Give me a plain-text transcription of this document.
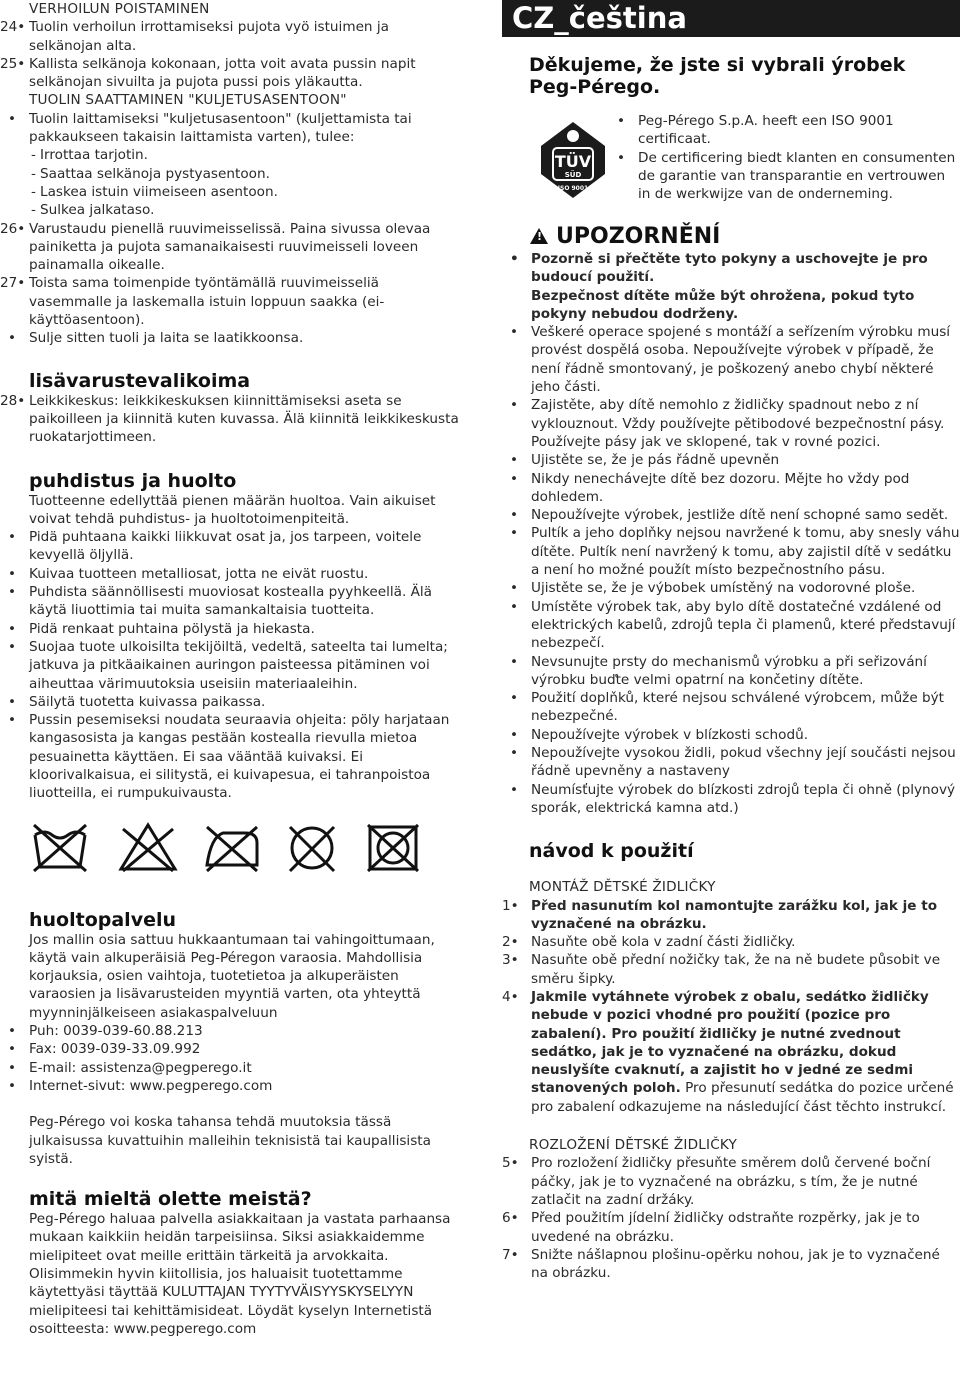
VERHOILUN POISTAMINEN
24• Tuolin verhoilun irrottamiseksi pujota vyö istuimen ja selkänojan alta.
25• Kallista selkänoja kokonaan, jotta voit avata pussin napit selkänojan sivuilta ja pujota pussi pois yläkautta.
TUOLIN SAATTAMINEN "KULJETUSASENTOON"
• Tuolin laittamiseksi "kuljetusasentoon" (kuljettamista tai pakkaukseen takaisin laittamista varten), tulee:
- Irrottaa tarjotin.
- Saattaa selkänoja pystyasentoon.
- Laskea istuin viimeiseen asentoon.
- Sulkea jalkataso.
26• Varustaudu pienellä ruuvimeisselissä. Paina sivussa olevaa painiketta ja pujota samanaikaisesti ruuvimeisseli loveen painamalla oikealle.
27• Toista sama toimenpide työntämällä ruuvimeisseliä vasemmalle ja laskemalla istuin loppuun saakka (ei-käyttöasentoon).
• Sulje sitten tuoli ja laita se laatikkoonsa.
lisävarustevalikoima
28• Leikkikeskus: leikkikeskuksen kiinnittämiseksi aseta se paikoilleen ja kiinnitä kuten kuvassa. Älä kiinnitä leikkikeskusta ruokatarjottimeen.
puhdistus ja huolto
Tuotteenne edellyttää pienen määrän huoltoa. Vain aikuiset voivat tehdä puhdistus- ja huoltotoimenpiteitä.
• Pidä puhtaana kaikki liikkuvat osat ja, jos tarpeen, voitele kevyellä öljyllä.
• Kuivaa tuotteen metalliosat, jotta ne eivät ruostu.
• Puhdista säännöllisesti muoviosat kostealla pyyhkeellä. Älä käytä liuottimia tai muita samankaltaisia tuotteita.
• Pidä renkaat puhtaina pölystä ja hiekasta.
• Suojaa tuote ulkoisilta tekijöiltä, vedeltä, sateelta tai lumelta; jatkuva ja pitkäaikainen auringon paisteessa pitäminen voi aiheuttaa värimuutoksia useisiin materiaaleihin.
• Säilytä tuotetta kuivassa paikassa.
• Pussin pesemiseksi noudata seuraavia ohjeita: pöly harjataan kangasosista ja kangas pestään kostealla rievulla mietoa pesuainetta käyttäen. Ei saa vääntää kuivaksi. Ei kloorivalkaisua, ei silitystä, ei kuivapesua, ei tahranpoistoa liuotteilla, ei rumpukuivausta.
huoltopalvelu
Jos mallin osia sattuu hukkaantumaan tai vahingoittumaan, käytä vain alkuperäisiä Peg-Péregon varaosia. Mahdollisia korjauksia, osien vaihtoja, tuotetietoa ja alkuperäisten varaosien ja lisävarusteiden myyntiä varten, ota yhteyttä myynninjälkeiseen asiakaspalveluun
• Puh: 0039-039-60.88.213
• Fax: 0039-039-33.09.992
• E-mail: assistenza@pegperego.it
• Internet-sivut: www.pegperego.com
Peg-Pérego voi koska tahansa tehdä muutoksia tässä julkaisussa kuvattuihin malleihin teknisistä tai kaupallisista syistä.
mitä mieltä olette meistä?
Peg-Pérego haluaa palvella asiakkaitaan ja vastata parhaansa mukaan kaikkiin heidän tarpeisiinsa. Siksi asiakkaidemme mielipiteet ovat meille erittäin tärkeitä ja arvokkaita. Olisimmekin hyvin kiitollisia, jos haluaisit tuotettamme käytettyäsi täyttää KULUTTAJAN TYYTYVÄISYYSKYSELYYN mielipiteesi tai kehittämisideat. Löydät kyselyn Internetistä osoitteesta: www.pegperego.com
CZ_čeština
Děkujeme, že jste si vybrali ýrobek Peg-Pérego.
TÜV
SÜD
ISO 9001
• Peg-Pérego S.p.A. heeft een ISO 9001 certificaat.
• De certificering biedt klanten en consumenten de garantie van transparantie en vertrouwen in de werkwijze van de onderneming.
!UPOZORNĚNÍ
• Pozorně si přečtěte tyto pokyny a uschovejte je pro budoucí použití.
Bezpečnost dítěte může být ohrožena, pokud tyto pokyny nebudou dodrženy.
• Veškeré operace spojené s montáží a seřízením výrobku musí provést dospělá osoba. Nepoužívejte výrobek v případě, že není řádně smontovaný, je poškozený anebo chybí některé jeho části.
• Zajistěte, aby dítě nemohlo z židličky spadnout nebo z ní vyklouznout. Vždy používejte pětibodové bezpečnostní pásy. Používejte pásy jak ve sklopené, tak v rovné pozici.
• Ujistěte se, že je pás řádně upevněn
• Nikdy nenechávejte dítě bez dozoru. Mějte ho vždy pod dohledem.
• Nepoužívejte výrobek, jestliže dítě není schopné samo sedět.
• Pultík a jeho doplňky nejsou navržené k tomu, aby snesly váhu dítěte. Pultík není navržený k tomu, aby zajistil dítě v sedátku a není ho možné použít místo bezpečnostního pásu.
• Ujistěte se, že je výbobek umístěný na vodorovné ploše.
• Umístěte výrobek tak, aby bylo dítě dostatečné vzdálené od elektrických kabelů, zdrojů tepla či plamenů, které představují nebezpečí.
• Nevsunujte prsty do mechanismů výrobku a při seřizování výrobku buďte velmi opatrní na končetiny dítěte.
• Použití doplňků, které nejsou schválené výrobcem, může být nebezpečné.
• Nepoužívejte výrobek v blízkosti schodů.
• Nepoužívejte vysokou židli, pokud všechny její součásti nejsou řádně upevněny a nastaveny
• Neumísťujte výrobek do blízkosti zdrojů tepla či ohně (plynový sporák, elektrická kamna atd.)
návod k použití
MONTÁŽ DĚTSKÉ ŽIDLIČKY
1• Před nasunutím kol namontujte zarážku kol, jak je to vyznačené na obrázku.
2• Nasuňte obě kola v zadní části židličky.
3• Nasuňte obě přední nožičky tak, že na ně budete působit ve směru šipky.
4• Jakmile vytáhnete výrobek z obalu, sedátko židličky nebude v pozici vhodné pro použití (pozice pro zabalení). Pro použití židličky je nutné zvednout sedátko, jak je to vyznačené na obrázku, dokud neuslyšíte cvaknutí, a zajistit ho v jedné ze sedmi stanovených poloh. Pro přesunutí sedátka do pozice určené pro zabalení odkazujeme na následující část těchto instrukcí.
ROZLOŽENÍ DĚTSKÉ ŽIDLIČKY
5• Pro rozložení židličky přesuňte směrem dolů červené boční páčky, jak je to vyznačené na obrázku, s tím, že je nutné zatlačit na zadní držáky.
6• Před použitím jídelní židličky odstraňte rozpěrky, jak je to uvedené na obrázku.
7• Snižte nášlapnou plošinu-opěrku nohou, jak je to vyznačené na obrázku.
